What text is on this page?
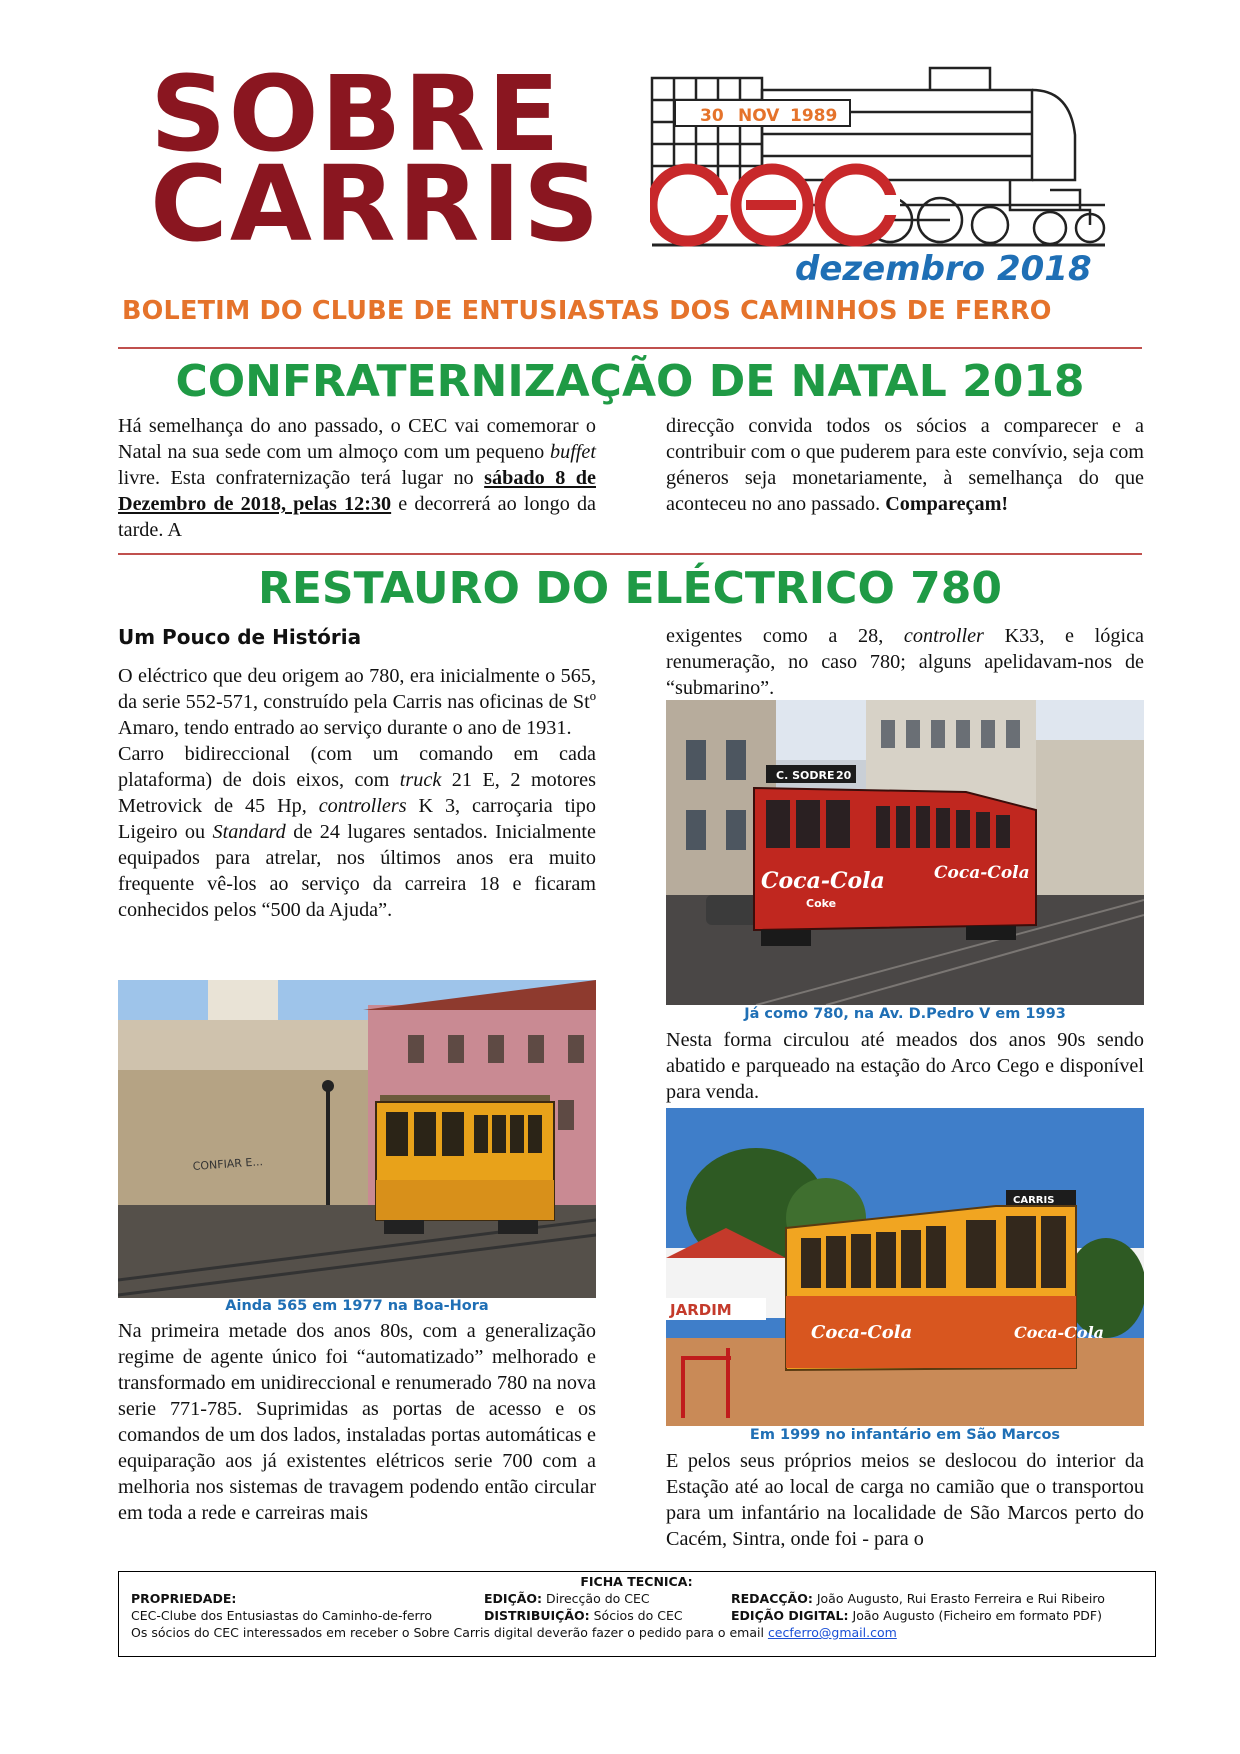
SOBRE
CARRIS
30 NOV 1989

dezembro 2018

BOLETIM DO CLUBE DE ENTUSIASTAS DOS CAMINHOS DE FERRO

CONFRATERNIZAÇÃO DE NATAL 2018

Há semelhança do ano passado, o CEC vai comemorar o Natal na sua sede com um almoço com um pequeno buffet livre. Esta confraternização terá lugar no sábado 8 de Dezembro de 2018, pelas 12:30 e decorrerá ao longo da tarde. A

direcção convida todos os sócios a comparecer e a contribuir com o que puderem para este convívio, seja com géneros seja monetariamente, à semelhança do que aconteceu no ano passado. Compareçam!

RESTAURO DO ELÉCTRICO 780
Um Pouco de História

O eléctrico que deu origem ao 780, era inicialmente o 565, da serie 552-571, construído pela Carris nas oficinas de Stº Amaro, tendo entrado ao serviço durante o ano de 1931.

Carro bidireccional (com um comando em cada plataforma) de dois eixos, com truck 21 E, 2 motores Metrovick de 45 Hp, controllers K 3, carroçaria tipo Ligeiro ou Standard de 24 lugares sentados. Inicialmente equipados para atrelar, nos últimos anos era muito frequente vê-los ao serviço da carreira 18 e ficaram conhecidos pelos “500 da Ajuda”.

CONFIAR E...
Ainda 565 em 1977 na Boa-Hora

Na primeira metade dos anos 80s, com a generalização regime de agente único foi “automatizado” melhorado e transformado em unidireccional e renumerado 780 na nova serie 771-785. Suprimidas as portas de acesso e os comandos de um dos lados, instaladas portas automáticas e equiparação aos já existentes elétricos serie 700 com a melhoria nos sistemas de travagem podendo então circular em toda a rede e carreiras mais

exigentes como a 28, controller K33, e lógica renumeração, no caso 780; alguns apelidavam-nos de “submarino”.

C. SODRE 20
Coca-Cola
Coke
Coca-Cola
Já como 780, na Av. D.Pedro V em 1993

Nesta forma circulou até meados dos anos 90s sendo abatido e parqueado na estação do Arco Cego e disponível para venda.

JARDIM
CARRIS
Coca-Cola	Coca-Cola
Em 1999 no infantário em São Marcos

E pelos seus próprios meios se deslocou do interior da Estação até ao local de carga no camião que o transportou para um infantário na localidade de São Marcos perto do Cacém, Sintra, onde foi - para o

FICHA TECNICA:
PROPRIEDADE:
CEC-Clube dos Entusiastas do Caminho-de-ferro
EDIÇÃO: Direcção do CEC
DISTRIBUIÇÃO: Sócios do CEC
REDACÇÃO: João Augusto, Rui Erasto Ferreira e Rui Ribeiro
EDIÇÃO DIGITAL: João Augusto (Ficheiro em formato PDF)
Os sócios do CEC interessados em receber o Sobre Carris digital deverão fazer o pedido para o email cecferro@gmail.com
